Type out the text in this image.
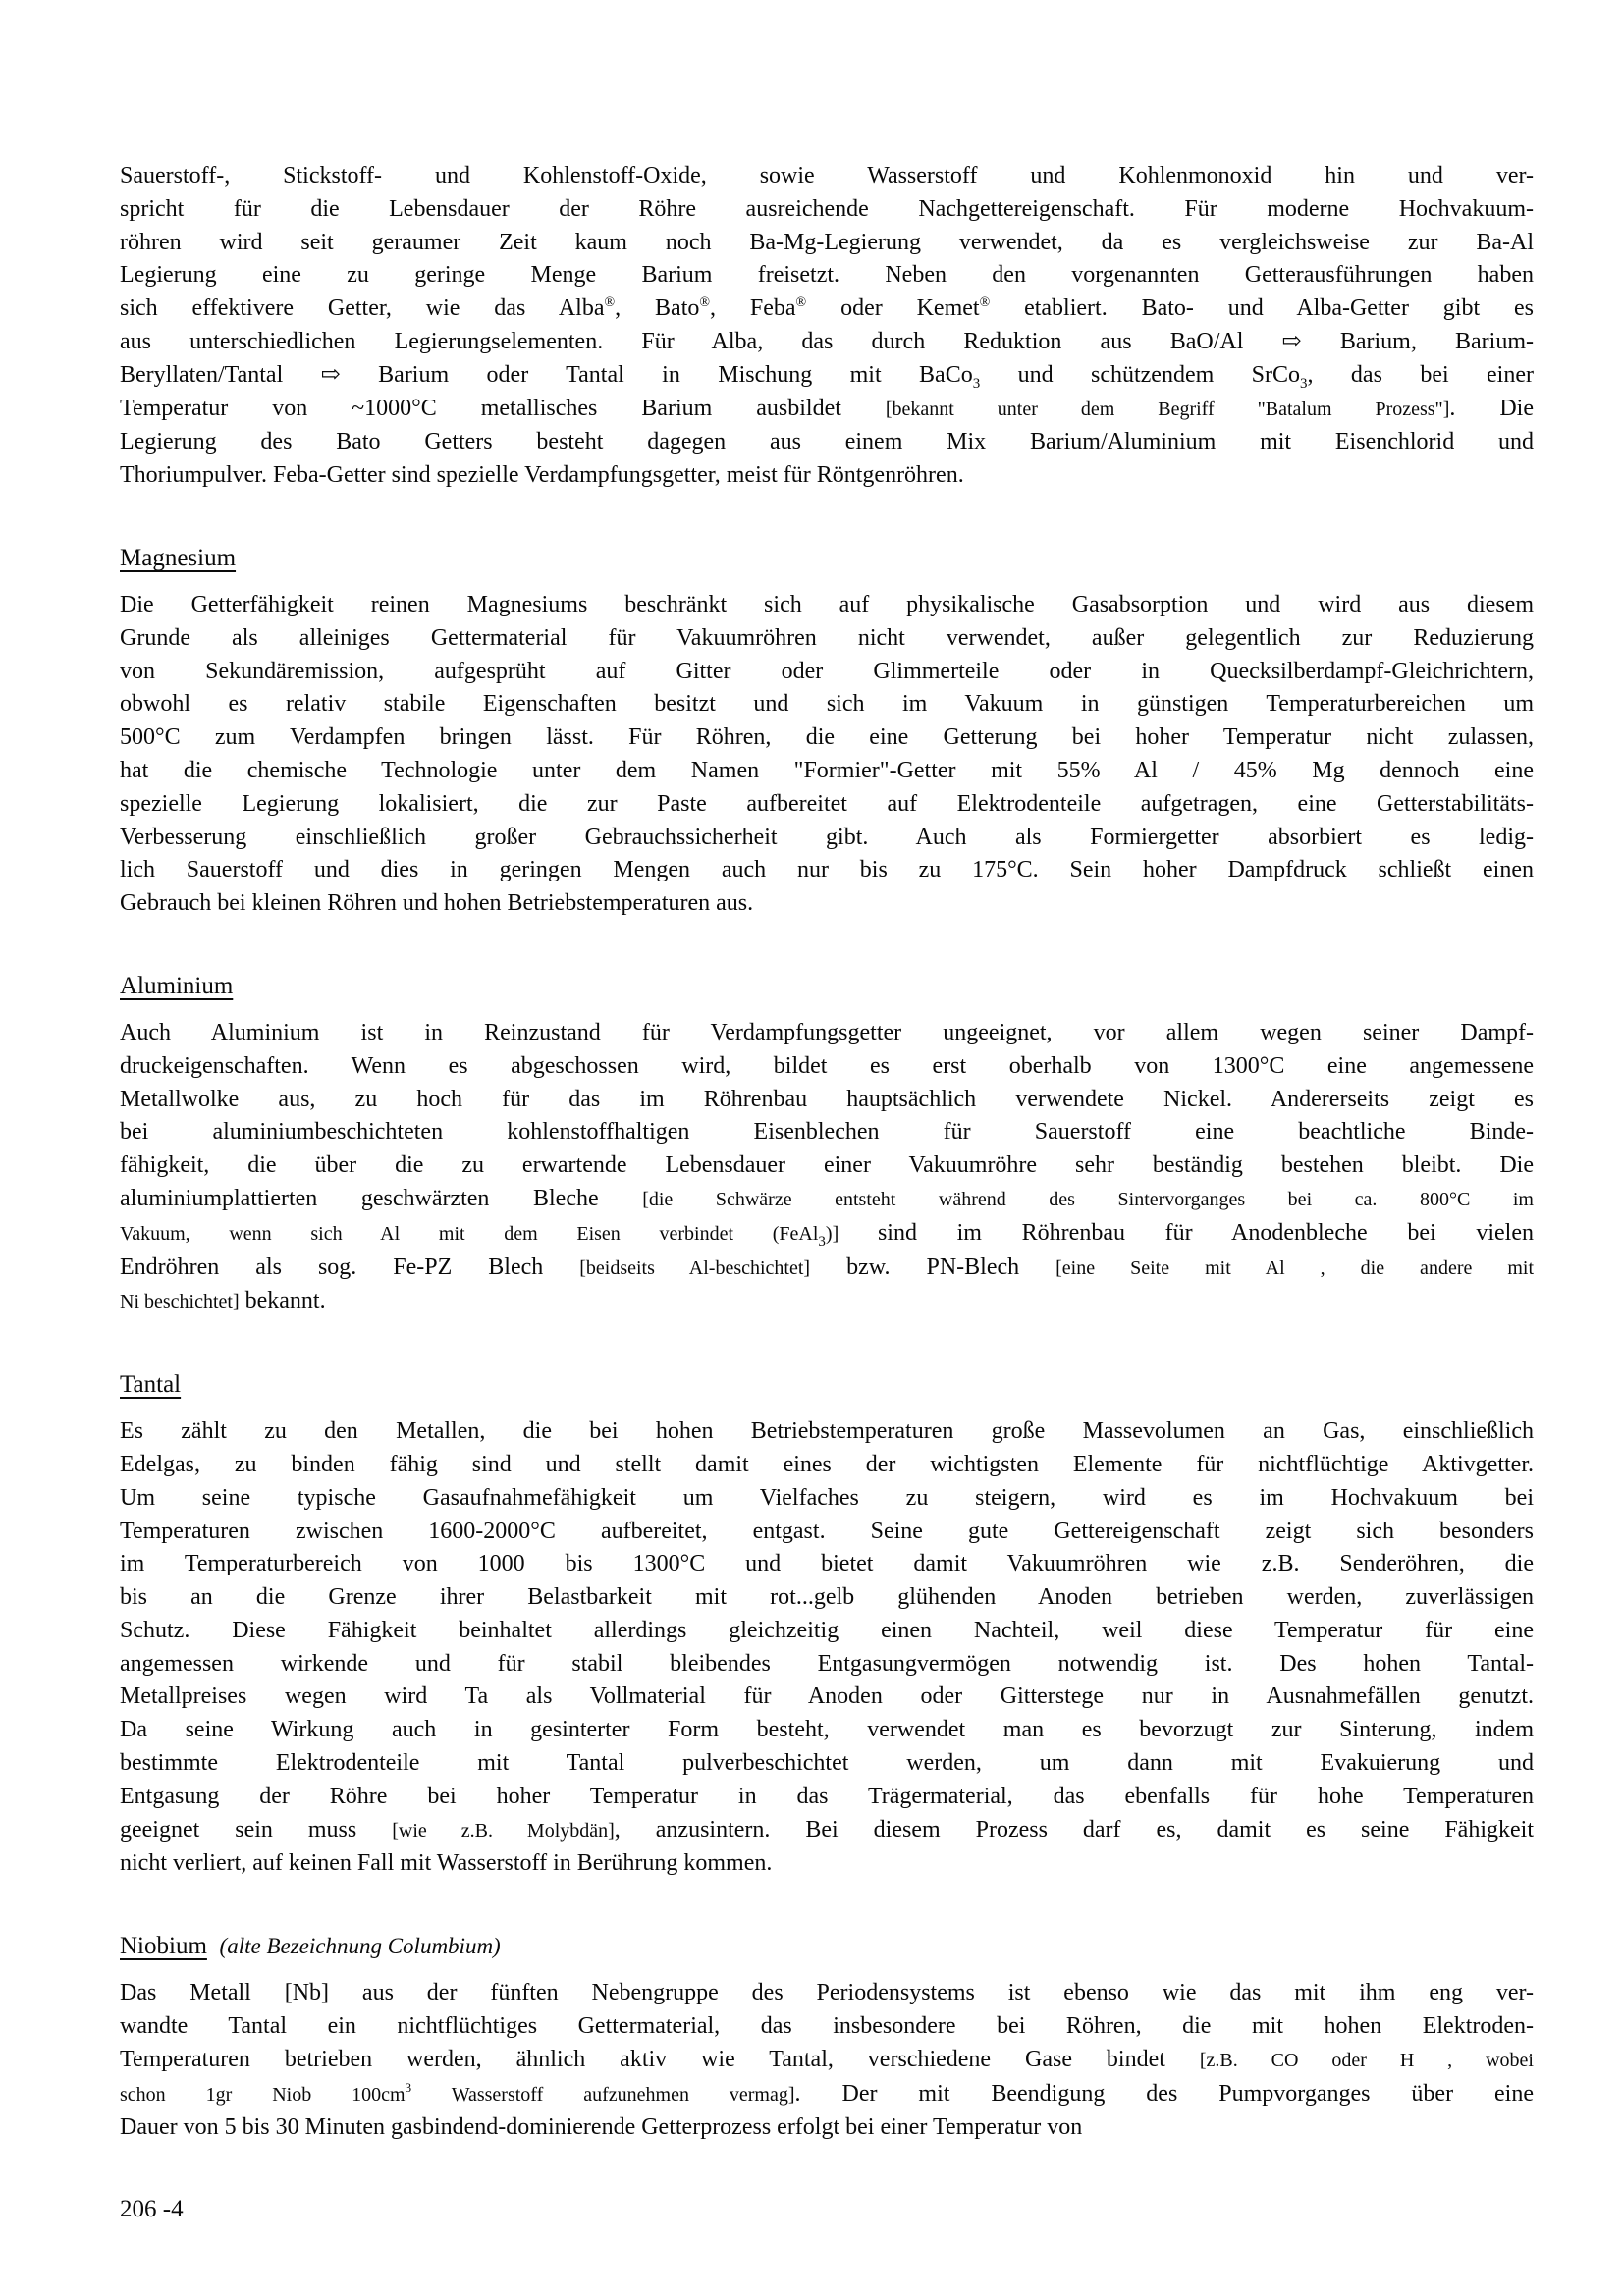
Sauerstoff-, Stickstoff- und Kohlenstoff-Oxide, sowie Wasserstoff und Kohlenmonoxid hin und ver-
spricht für die Lebensdauer der Röhre ausreichende Nachgettereigenschaft. Für moderne Hochvakuum-
röhren wird seit geraumer Zeit kaum noch Ba-Mg-Legierung verwendet, da es vergleichsweise zur Ba-Al
Legierung eine zu geringe Menge Barium freisetzt. Neben den vorgenannten Getterausführungen haben
sich effektivere Getter, wie das Alba®, Bato®, Feba® oder Kemet® etabliert. Bato- und Alba-Getter gibt es
aus unterschiedlichen Legierungselementen. Für Alba, das durch Reduktion aus BaO/Al ⇨ Barium, Barium-
Beryllaten/Tantal ⇨ Barium oder Tantal in Mischung mit BaCo$_3$ und schützendem SrCo$_3$, das bei einer
Temperatur von ~1000°C metallisches Barium ausbildet [bekannt unter dem Begriff "Batalum Prozess"]. Die
Legierung des Bato Getters besteht dagegen aus einem Mix Barium/Aluminium mit Eisenchlorid und
Thoriumpulver. Feba-Getter sind spezielle Verdampfungsgetter, meist für Röntgenröhren.
Magnesium
Die Getterfähigkeit reinen Magnesiums beschränkt sich auf physikalische Gasabsorption und wird aus diesem
Grunde als alleiniges Gettermaterial für Vakuumröhren nicht verwendet, außer gelegentlich zur Reduzierung
von Sekundäremission, aufgesprüht auf Gitter oder Glimmerteile oder in Quecksilberdampf-Gleichrichtern,
obwohl es relativ stabile Eigenschaften besitzt und sich im Vakuum in günstigen Temperaturbereichen um
500°C zum Verdampfen bringen lässt. Für Röhren, die eine Getterung bei hoher Temperatur nicht zulassen,
hat die chemische Technologie unter dem Namen "Formier"-Getter mit 55% Al / 45% Mg dennoch eine
spezielle Legierung lokalisiert, die zur Paste aufbereitet auf Elektrodenteile aufgetragen, eine Getterstabilitäts-
Verbesserung einschließlich großer Gebrauchssicherheit gibt. Auch als Formiergetter absorbiert es ledig-
lich Sauerstoff und dies in geringen Mengen auch nur bis zu 175°C. Sein hoher Dampfdruck schließt einen
Gebrauch bei kleinen Röhren und hohen Betriebstemperaturen aus.
Aluminium
Auch Aluminium ist in Reinzustand für Verdampfungsgetter ungeeignet, vor allem wegen seiner Dampf-
druckeigenschaften. Wenn es abgeschossen wird, bildet es erst oberhalb von 1300°C eine angemessene
Metallwolke aus, zu hoch für das im Röhrenbau hauptsächlich verwendete Nickel. Andererseits zeigt es
bei aluminiumbeschichteten kohlenstoffhaltigen Eisenblechen für Sauerstoff eine beachtliche Binde-
fähigkeit, die über die zu erwartende Lebensdauer einer Vakuumröhre sehr beständig bestehen bleibt. Die
aluminiumplattierten geschwärzten Bleche [die Schwärze entsteht während des Sintervorganges bei ca. 800°C im
Vakuum, wenn sich Al mit dem Eisen verbindet (FeAl$_3$)] sind im Röhrenbau für Anodenbleche bei vielen
Endröhren als sog. Fe-PZ Blech [beidseits Al-beschichtet] bzw. PN-Blech [eine Seite mit Al , die andere mit
Ni beschichtet] bekannt.
Tantal
Es zählt zu den Metallen, die bei hohen Betriebstemperaturen große Massevolumen an Gas, einschließlich
Edelgas, zu binden fähig sind und stellt damit eines der wichtigsten Elemente für nichtflüchtige Aktivgetter.
Um seine typische Gasaufnahmefähigkeit um Vielfaches zu steigern, wird es im Hochvakuum bei
Temperaturen zwischen 1600-2000°C aufbereitet, entgast. Seine gute Gettereigenschaft zeigt sich besonders
im Temperaturbereich von 1000 bis 1300°C und bietet damit Vakuumröhren wie z.B. Senderöhren, die
bis an die Grenze ihrer Belastbarkeit mit rot...gelb glühenden Anoden betrieben werden, zuverlässigen
Schutz. Diese Fähigkeit beinhaltet allerdings gleichzeitig einen Nachteil, weil diese Temperatur für eine
angemessen wirkende und für stabil bleibendes Entgasungvermögen notwendig ist. Des hohen Tantal-
Metallpreises wegen wird Ta als Vollmaterial für Anoden oder Gitterstege nur in Ausnahmefällen genutzt.
Da seine Wirkung auch in gesinterter Form besteht, verwendet man es bevorzugt zur Sinterung, indem
bestimmte Elektrodenteile mit Tantal pulverbeschichtet werden, um dann mit Evakuierung und
Entgasung der Röhre bei hoher Temperatur in das Trägermaterial, das ebenfalls für hohe Temperaturen
geeignet sein muss [wie z.B. Molybdän], anzusintern. Bei diesem Prozess darf es, damit es seine Fähigkeit
nicht verliert, auf keinen Fall mit Wasserstoff in Berührung kommen.
Niobium (alte Bezeichnung Columbium)
Das Metall [Nb] aus der fünften Nebengruppe des Periodensystems ist ebenso wie das mit ihm eng ver-
wandte Tantal ein nichtflüchtiges Gettermaterial, das insbesondere bei Röhren, die mit hohen Elektroden-
Temperaturen betrieben werden, ähnlich aktiv wie Tantal, verschiedene Gase bindet [z.B. CO oder H , wobei
schon 1gr Niob $100cm^3$ Wasserstoff aufzunehmen vermag]. Der mit Beendigung des Pumpvorganges über eine
Dauer von 5 bis 30 Minuten gasbindend-dominierende Getterprozess erfolgt bei einer Temperatur von
206 -4
